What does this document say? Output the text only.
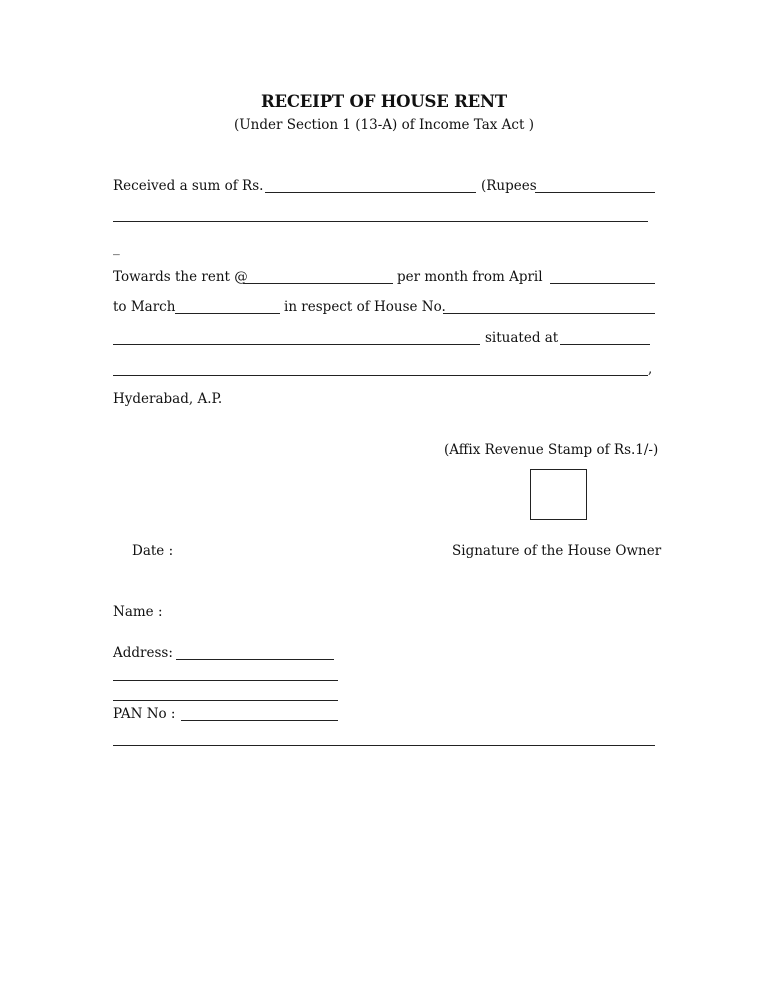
RECEIPT OF HOUSE RENT
(Under Section 1 (13-A) of Income Tax Act )
Received a sum of Rs.	(Rupees
_
Towards the rent @	per month from April
to March	in respect of House No.
situated at
,
Hyderabad, A.P.
(Affix Revenue Stamp of Rs.1/-)
Date :	Signature of the House Owner
Name :
Address:
PAN No :
